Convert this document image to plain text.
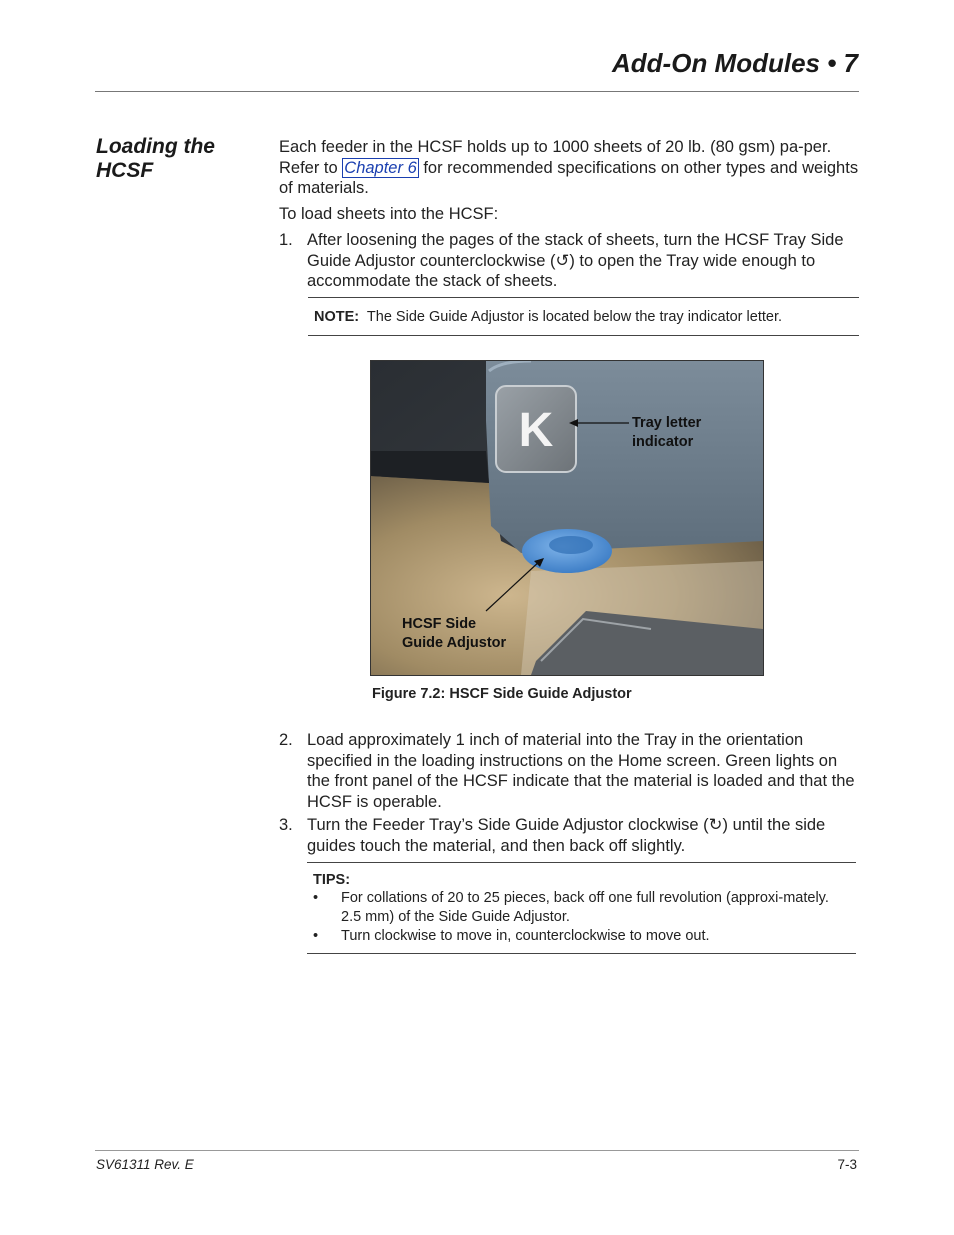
Add-On Modules • 7
Loading the HCSF
Each feeder in the HCSF holds up to 1000 sheets of 20 lb. (80 gsm) pa-per. Refer to Chapter 6 for recommended specifications on other types and weights of materials.
To load sheets into the HCSF:
1. After loosening the pages of the stack of sheets, turn the HCSF Tray Side Guide Adjustor counterclockwise (↺) to open the Tray wide enough to accommodate the stack of sheets.
NOTE: The Side Guide Adjustor is located below the tray indicator letter.
K	Tray letter
indicator
HCSF Side
Guide Adjustor
Figure 7.2: HSCF Side Guide Adjustor
2. Load approximately 1 inch of material into the Tray in the orientation specified in the loading instructions on the Home screen. Green lights on the front panel of the HCSF indicate that the material is loaded and that the HCSF is operable.
3. Turn the Feeder Tray’s Side Guide Adjustor clockwise (↻) until the side guides touch the material, and then back off slightly.
TIPS:
• For collations of 20 to 25 pieces, back off one full revolution (approxi-mately. 2.5 mm) of the Side Guide Adjustor.
• Turn clockwise to move in, counterclockwise to move out.
SV61311 Rev. E	7-3
